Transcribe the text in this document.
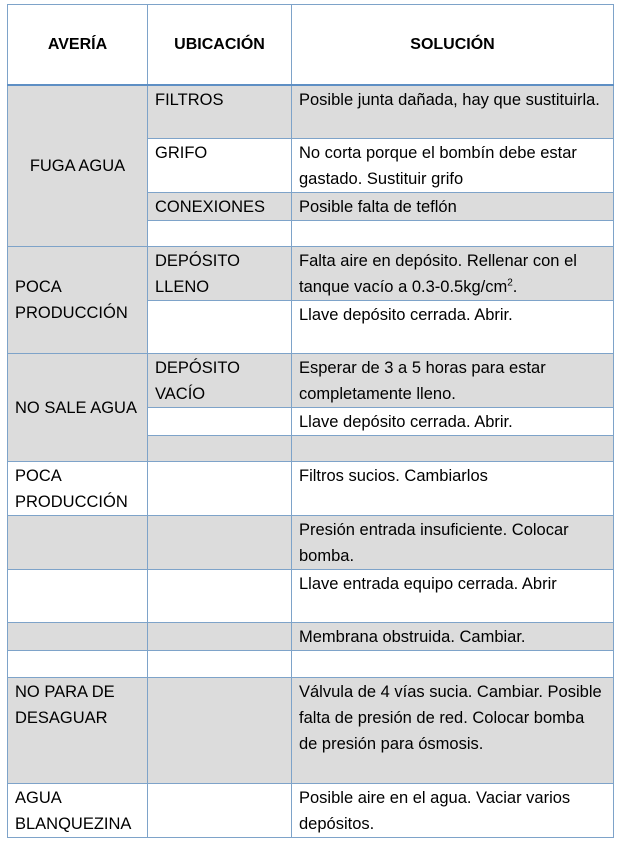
AVERÍA	UBICACIÓN	SOLUCIÓN
FUGA AGUA	FILTROS	Posible junta dañada, hay que sustituirla.
	GRIFO	No corta porque el bombín debe estar gastado. Sustituir grifo
	CONEXIONES	Posible falta de teflón

POCA PRODUCCIÓN	DEPÓSITO LLENO	Falta aire en depósito. Rellenar con el tanque vacío a $0.3-0.5kg/cm^2$.
		Llave depósito cerrada. Abrir.
NO SALE AGUA	DEPÓSITO VACÍO	Esperar de 3 a 5 horas para estar completamente lleno.
		Llave depósito cerrada. Abrir.

POCA PRODUCCIÓN		Filtros sucios. Cambiarlos
		Presión entrada insuficiente. Colocar bomba.
		Llave entrada equipo cerrada. Abrir
		Membrana obstruida. Cambiar.

NO PARA DE DESAGUAR		Válvula de 4 vías sucia. Cambiar. Posible falta de presión de red. Colocar bomba de presión para ósmosis.
AGUA BLANQUEZINA		Posible aire en el agua. Vaciar varios depósitos.
